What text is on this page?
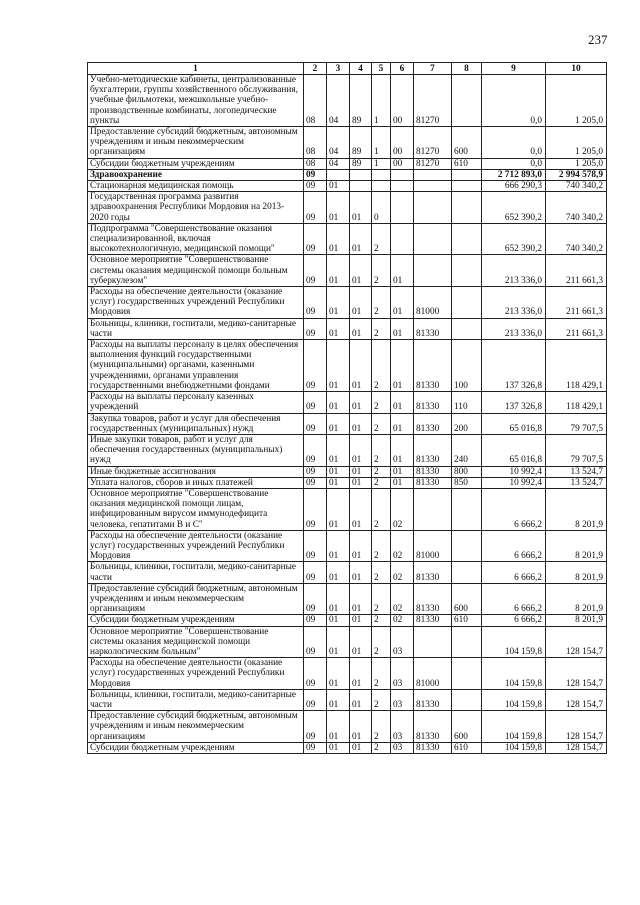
237
1	2	3	4	5	6	7	8	9	10
Учебно-методические кабинеты, централизованные бухгалтерии, группы хозяйственного обслуживания, учебные фильмотеки, межшкольные учебно-производственные комбинаты, логопедические пункты	08	04	89	1	00	81270		0,0	1 205,0
Предоставление субсидий бюджетным, автономным учреждениям и иным некоммерческим организациям	08	04	89	1	00	81270	600	0,0	1 205,0
Субсидии бюджетным учреждениям	08	04	89	1	00	81270	610	0,0	1 205,0
Здравоохранение	09							2 712 893,0	2 994 578,9
Стационарная медицинская помощь	09	01						666 290,3	740 340,2
Государственная программа развития здравоохранения Республики Мордовия на 2013-2020 годы	09	01	01	0				652 390,2	740 340,2
Подпрограмма "Совершенствование оказания специализированной, включая высокотехнологичную, медицинской помощи"	09	01	01	2				652 390,2	740 340,2
Основное мероприятие "Совершенствование системы оказания медицинской помощи больным туберкулезом"	09	01	01	2	01			213 336,0	211 661,3
Расходы на обеспечение деятельности (оказание услуг) государственных учреждений Республики Мордовия	09	01	01	2	01	81000		213 336,0	211 661,3
Больницы, клиники, госпитали, медико-санитарные части	09	01	01	2	01	81330		213 336,0	211 661,3
Расходы на выплаты персоналу в целях обеспечения выполнения функций государственными (муниципальными) органами, казенными учреждениями, органами управления государственными внебюджетными фондами	09	01	01	2	01	81330	100	137 326,8	118 429,1
Расходы на выплаты персоналу казенных учреждений	09	01	01	2	01	81330	110	137 326,8	118 429,1
Закупка товаров, работ и услуг для обеспечения государственных (муниципальных) нужд	09	01	01	2	01	81330	200	65 016,8	79 707,5
Иные закупки товаров, работ и услуг для обеспечения государственных (муниципальных) нужд	09	01	01	2	01	81330	240	65 016,8	79 707,5
Иные бюджетные ассигнования	09	01	01	2	01	81330	800	10 992,4	13 524,7
Уплата налогов, сборов и иных платежей	09	01	01	2	01	81330	850	10 992,4	13 524,7
Основное мероприятие "Совершенствование оказания медицинской помощи лицам, инфицированным вирусом иммунодефицита человека, гепатитами В и С"	09	01	01	2	02			6 666,2	8 201,9
Расходы на обеспечение деятельности (оказание услуг) государственных учреждений Республики Мордовия	09	01	01	2	02	81000		6 666,2	8 201,9
Больницы, клиники, госпитали, медико-санитарные части	09	01	01	2	02	81330		6 666,2	8 201,9
Предоставление субсидий бюджетным, автономным учреждениям и иным некоммерческим организациям	09	01	01	2	02	81330	600	6 666,2	8 201,9
Субсидии бюджетным учреждениям	09	01	01	2	02	81330	610	6 666,2	8 201,9
Основное мероприятие "Совершенствование системы оказания медицинской помощи наркологическим больным"	09	01	01	2	03			104 159,8	128 154,7
Расходы на обеспечение деятельности (оказание услуг) государственных учреждений Республики Мордовия	09	01	01	2	03	81000		104 159,8	128 154,7
Больницы, клиники, госпитали, медико-санитарные части	09	01	01	2	03	81330		104 159,8	128 154,7
Предоставление субсидий бюджетным, автономным учреждениям и иным некоммерческим организациям	09	01	01	2	03	81330	600	104 159,8	128 154,7
Субсидии бюджетным учреждениям	09	01	01	2	03	81330	610	104 159,8	128 154,7
